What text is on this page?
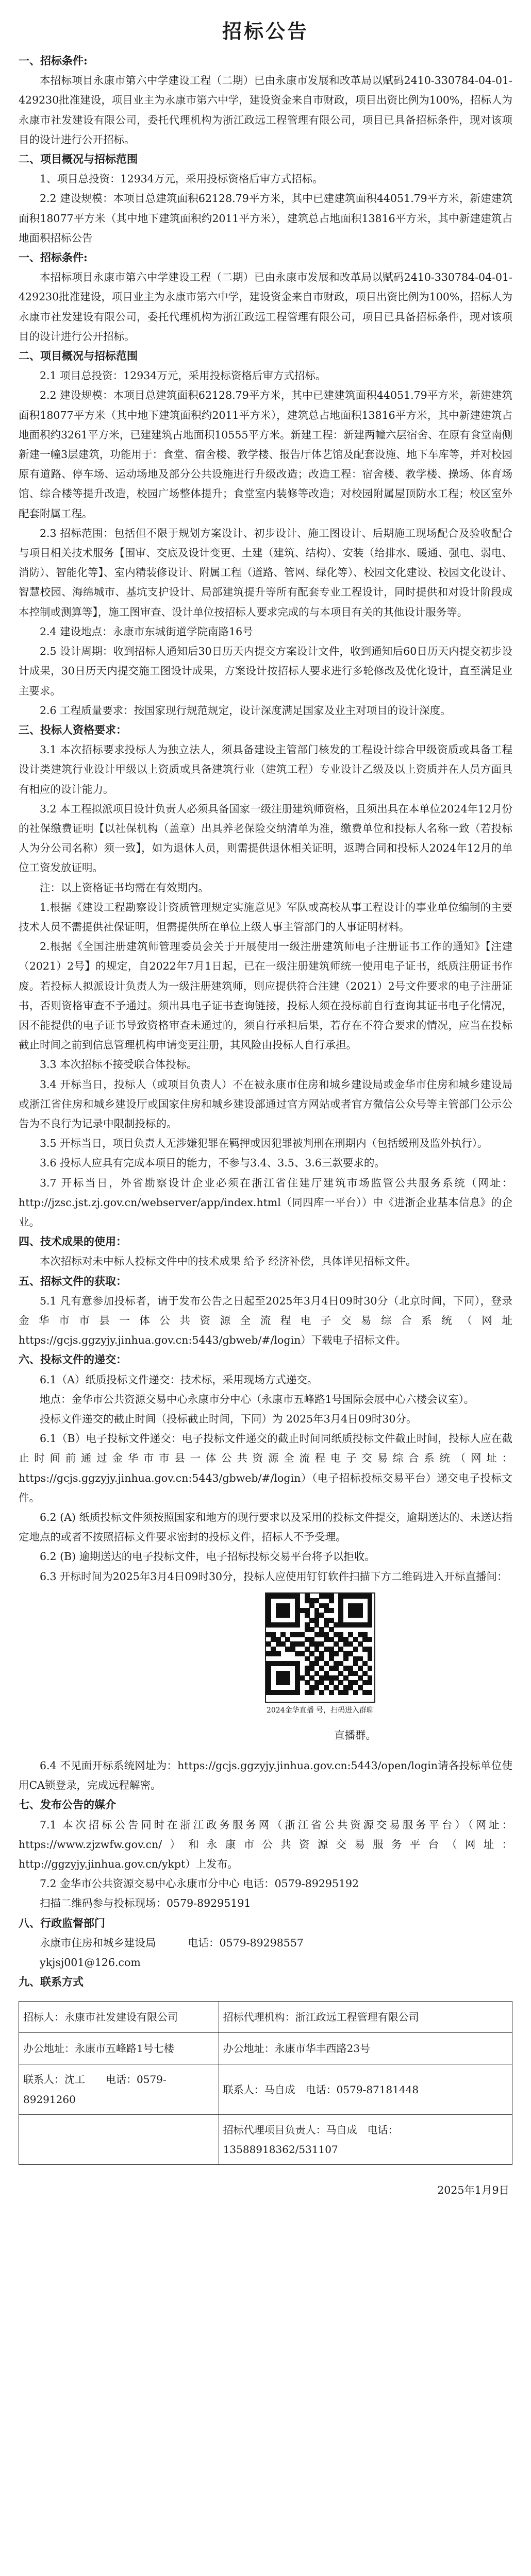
招标公告

一、招标条件:

本招标项目永康市第六中学建设工程（二期）已由永康市发展和改革局以赋码2410-330784-04-01-429230批准建设，项目业主为永康市第六中学，建设资金来自市财政，项目出资比例为100%，招标人为永康市社发建设有限公司，委托代理机构为浙江政远工程管理有限公司，项目已具备招标条件，现对该项目的设计进行公开招标。

二、项目概况与招标范围

1、项目总投资：12934万元，采用投标资格后审方式招标。

2.2 建设规模：本项目总建筑面积62128.79平方米，其中已建建筑面积44051.79平方米，新建建筑面积18077平方米（其中地下建筑面积约2011平方米），建筑总占地面积13816平方米，其中新建建筑占地面积招标公告

一、招标条件:

本招标项目永康市第六中学建设工程（二期）已由永康市发展和改革局以赋码2410-330784-04-01-429230批准建设，项目业主为永康市第六中学，建设资金来自市财政，项目出资比例为100%，招标人为永康市社发建设有限公司，委托代理机构为浙江政远工程管理有限公司，项目已具备招标条件，现对该项目的设计进行公开招标。

二、项目概况与招标范围

2.1 项目总投资：12934万元，采用投标资格后审方式招标。

2.2 建设规模：本项目总建筑面积62128.79平方米，其中已建建筑面积44051.79平方米，新建建筑面积18077平方米（其中地下建筑面积约2011平方米），建筑总占地面积13816平方米，其中新建建筑占地面积约3261平方米，已建建筑占地面积10555平方米。新建工程：新建两幢六层宿舍、在原有食堂南侧新建一幢3层建筑，功能用于：食堂、宿舍楼、教学楼、报告厅体艺馆及配套设施、地下车库等，并对校园原有道路、停车场、运动场地及部分公共设施进行升级改造；改造工程：宿舍楼、教学楼、操场、体育场馆、综合楼等提升改造，校园广场整体提升；食堂室内装修等改造；对校园附属屋顶防水工程；校区室外配套附属工程。

2.3 招标范围：包括但不限于规划方案设计、初步设计、施工图设计、后期施工现场配合及验收配合与项目相关技术服务【围审、交底及设计变更、土建（建筑、结构）、安装（给排水、暖通、强电、弱电、消防）、智能化等】、室内精装修设计、附属工程（道路、管网、绿化等）、校园文化建设、校园文化设计、智慧校园、海绵城市、基坑支护设计、局部建筑提升等所有配套专业工程设计，同时提供和对设计阶段成本控制或测算等】，施工图审查、设计单位按招标人要求完成的与本项目有关的其他设计服务等。

2.4 建设地点：永康市东城街道学院南路16号

2.5 设计周期：收到招标人通知后30日历天内提交方案设计文件，收到通知后60日历天内提交初步设计成果，30日历天内提交施工图设计成果，方案设计按招标人要求进行多轮修改及优化设计，直至满足业主要求。

2.6 工程质量要求：按国家现行规范规定，设计深度满足国家及业主对项目的设计深度。

三、投标人资格要求：

3.1 本次招标要求投标人为独立法人，须具备建设主管部门核发的工程设计综合甲级资质或具备工程设计类建筑行业设计甲级以上资质或具备建筑行业（建筑工程）专业设计乙级及以上资质并在人员方面具有相应的设计能力。

3.2 本工程拟派项目设计负责人必须具备国家一级注册建筑师资格，且须出具在本单位2024年12月份的社保缴费证明【以社保机构（盖章）出具养老保险交纳清单为准，缴费单位和投标人名称一致（若投标人为分公司名称）须一致】，如为退休人员，则需提供退休相关证明，返聘合同和投标人2024年12月的单位工资发放证明。

注：以上资格证书均需在有效期内。

1.根据《建设工程勘察设计资质管理规定实施意见》军队或高校从事工程设计的事业单位编制的主要技术人员不需提供社保证明，但需提供所在单位上级人事主管部门的人事证明材料。

2.根据《全国注册建筑师管理委员会关于开展使用一级注册建筑师电子注册证书工作的通知》【注建（2021）2号】的规定，自2022年7月1日起，已在一级注册建筑师统一使用电子证书，纸质注册证书作废。若投标人拟派设计负责人为一级注册建筑师，则应提供符合注建（2021）2号文件要求的电子注册证书，否则资格审查不予通过。须出具电子证书查询链接，投标人须在投标前自行查询其证书电子化情况，因不能提供的电子证书导致资格审查未通过的，须自行承担后果，若存在不符合要求的情况，应当在投标截止时间之前到信息管理机构申请变更注册，其风险由投标人自行承担。

3.3 本次招标不接受联合体投标。

3.4 开标当日，投标人（或项目负责人）不在被永康市住房和城乡建设局或金华市住房和城乡建设局或浙江省住房和城乡建设厅或国家住房和城乡建设部通过官方网站或者官方微信公众号等主管部门公示公告为不良行为记录中限制投标的。

3.5 开标当日，项目负责人无涉嫌犯罪在羁押或因犯罪被判刑在刑期内（包括缓刑及监外执行）。

3.6 投标人应具有完成本项目的能力，不参与3.4、3.5、3.6三款要求的。

3.7 开标当日，外省勘察设计企业必须在浙江省住建厅建筑市场监管公共服务系统（网址：http://jzsc.jst.zj.gov.cn/webserver/app/index.html（同四库一平台））中《进浙企业基本信息》的企业。

四、技术成果的使用：

本次招标对未中标人投标文件中的技术成果 给予 经济补偿，具体详见招标文件。

五、招标文件的获取：

5.1 凡有意参加投标者，请于发布公告之日起至2025年3月4日09时30分（北京时间，下同），登录金华市市县一体公共资源全流程电子交易综合系统（网址https://gcjs.ggzyjy.jinhua.gov.cn:5443/gbweb/#/login）下载电子招标文件。

六、投标文件的递交：

6.1（A）纸质投标文件递交：技术标，采用现场方式递交。

地点：金华市公共资源交易中心永康市分中心（永康市五峰路1号国际会展中心六楼会议室）。

投标文件递交的截止时间（投标截止时间，下同）为 2025年3月4日09时30分。

6.1（B）电子投标文件递交：电子投标文件递交的截止时间同纸质投标文件截止时间，投标人应在截止时间前通过金华市市县一体公共资源全流程电子交易综合系统（网址：https://gcjs.ggzyjy.jinhua.gov.cn:5443/gbweb/#/login）（电子招标投标交易平台）递交电子投标文件。

6.2 (A) 纸质投标文件须按照国家和地方的现行要求以及采用的投标文件提交，逾期送达的、未送达指定地点的或者不按照招标文件要求密封的投标文件，招标人不予受理。

6.2 (B) 逾期送达的电子投标文件，电子招标投标交易平台将予以拒收。

6.3 开标时间为2025年3月4日09时30分，投标人应使用钉钉软件扫描下方二维码进入开标直播间：

2024金华直播 号，扫码进入群聊

直播群。

6.4 不见面开标系统网址为：https://gcjs.ggzyjy.jinhua.gov.cn:5443/open/login请各投标单位使用CA锁登录，完成远程解密。

七、发布公告的媒介

7.1 本次招标公告同时在浙江政务服务网（浙江省公共资源交易服务平台）（网址：https://www.zjzwfw.gov.cn/）和永康市公共资源交易服务平台（网址：http://ggzyjy.jinhua.gov.cn/ykpt）上发布。

7.2 金华市公共资源交易中心永康市分中心 电话：0579-89295192

扫描二维码参与投标现场：0579-89295191

八、行政监督部门

永康市住房和城乡建设局　　　电话：0579-89298557

ykjsj001@126.com

九、联系方式

招标人：永康市社发建设有限公司	招标代理机构：浙江政远工程管理有限公司
办公地址：永康市五峰路1号七楼	办公地址：永康市华丰西路23号
联系人：沈工　　 电话：0579-89291260	联系人：马自成　 电话：0579-87181448
　　	招标代理项目负责人：马自成　 电话：13588918362/531107
2025年1月9日
